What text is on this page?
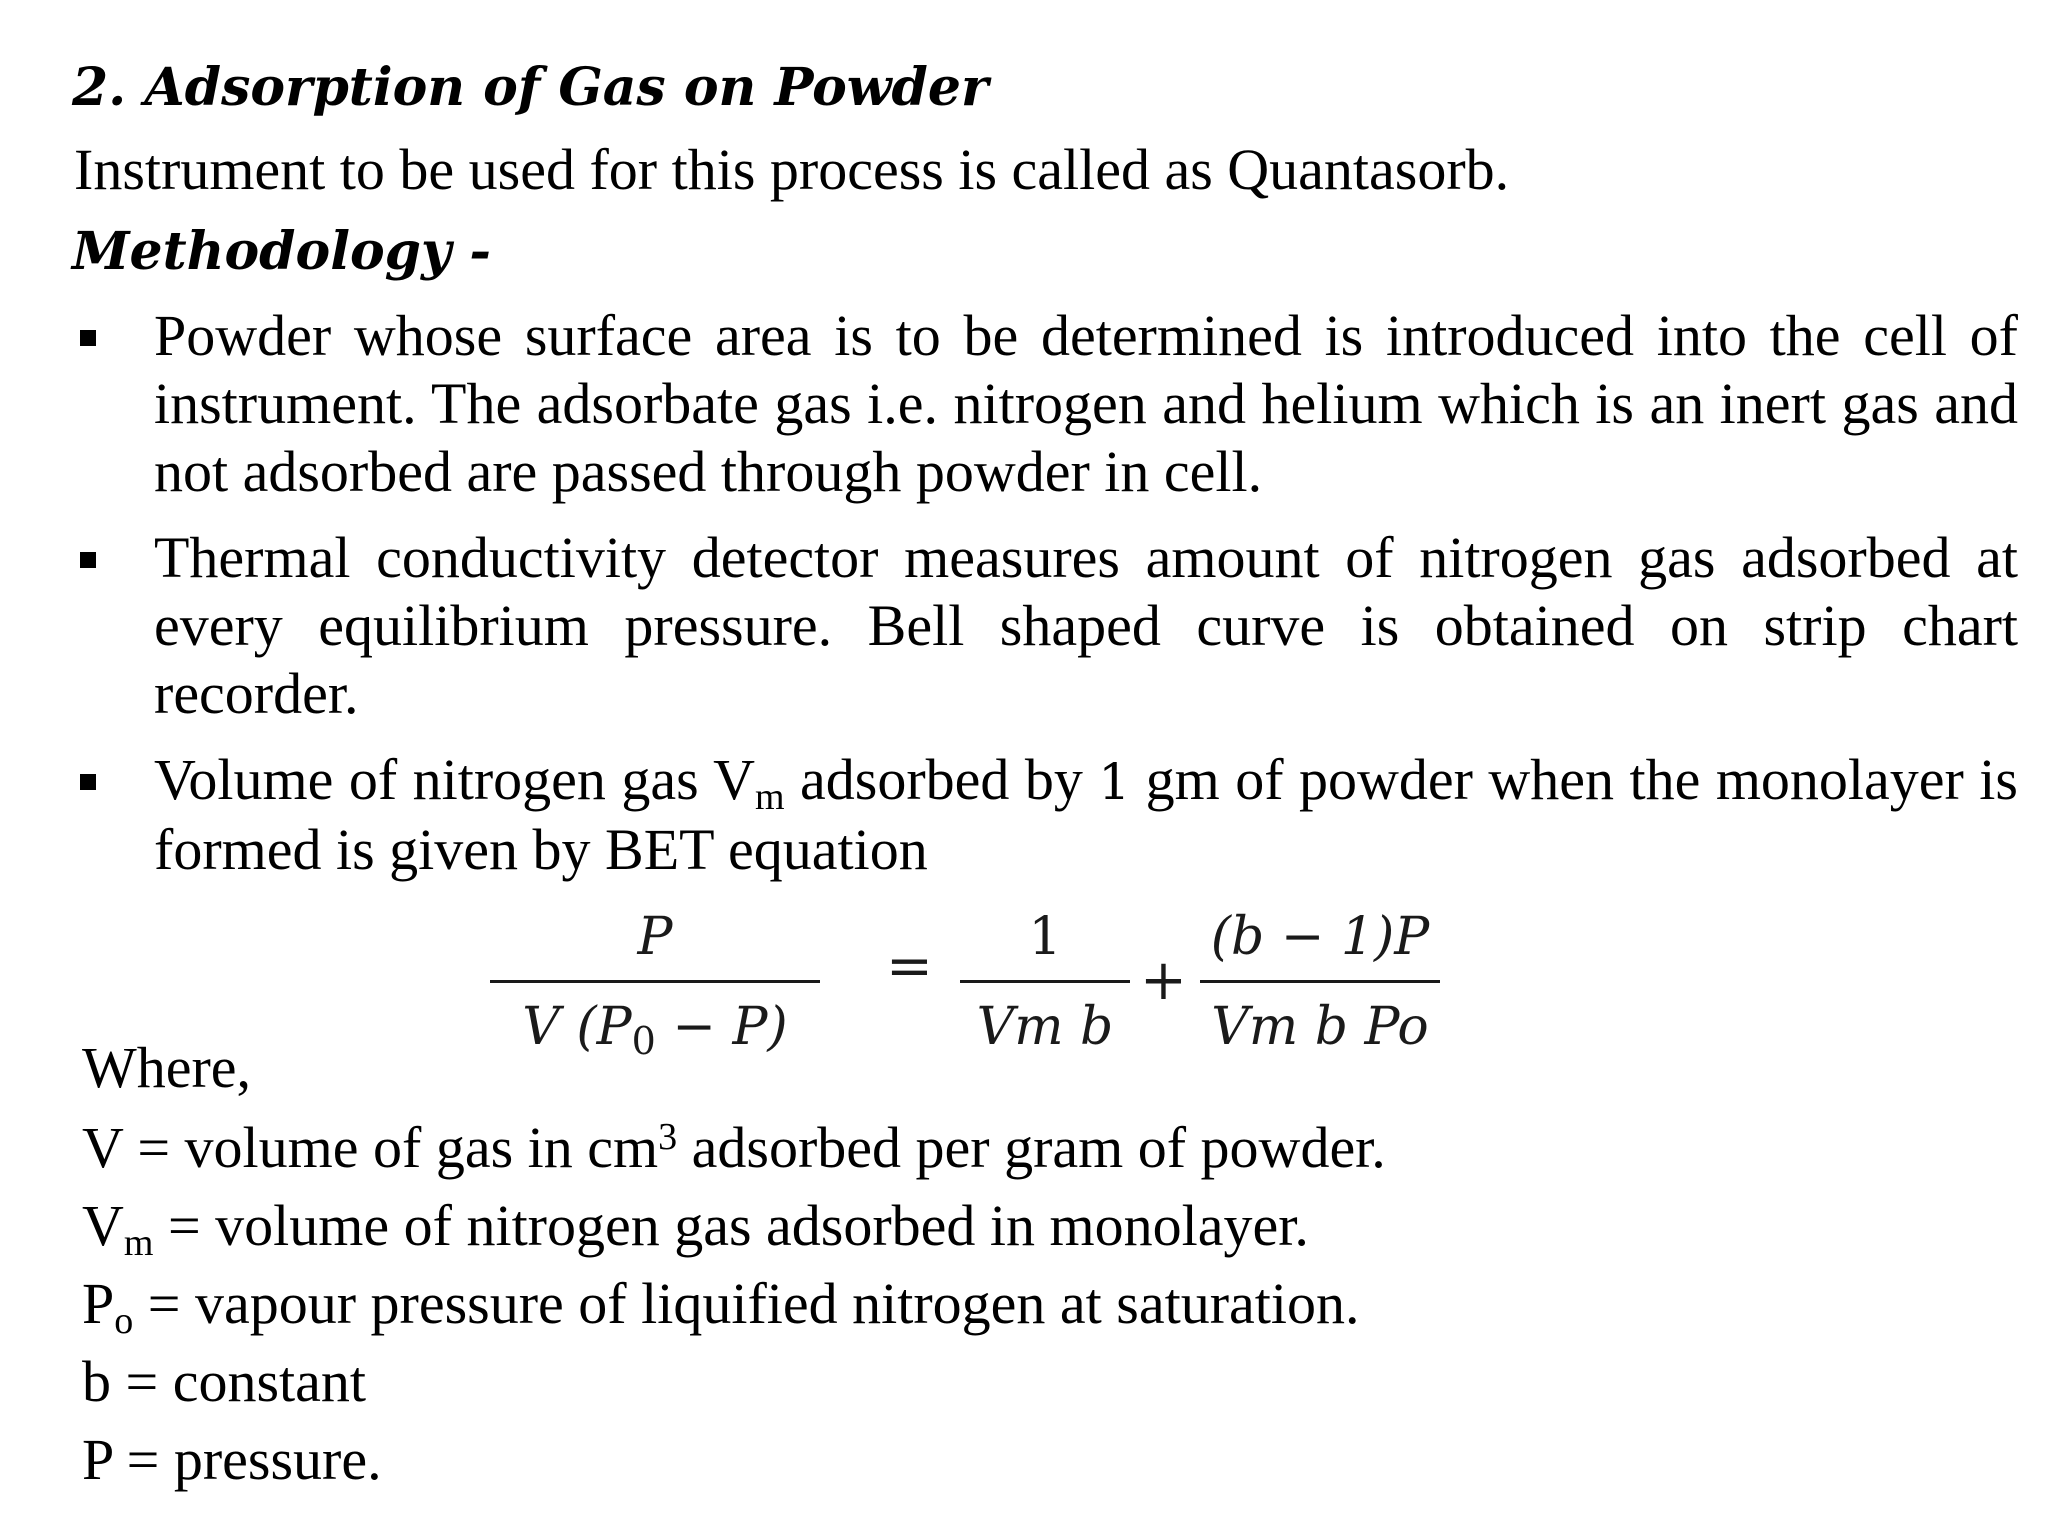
2. Adsorption of Gas on Powder
Instrument to be used for this process is called as Quantasorb.
Methodology -
Powder whose surface area is to be determined is introduced into the cell of instrument. The adsorbate gas i.e. nitrogen and helium which is an inert gas and not adsorbed are passed through powder in cell.
Thermal conductivity detector measures amount of nitrogen gas adsorbed at every equilibrium pressure. Bell shaped curve is obtained on strip chart recorder.
Volume of nitrogen gas $V_m$ adsorbed by 1 gm of powder when the monolayer is formed is given by BET equation
P
V $(P_0 - P)$
=	1
Vm b
+
(b − 1)P
Vm b Po
Where,
V = volume of gas in $cm^3$ adsorbed per gram of powder.
$V_m$ = volume of nitrogen gas adsorbed in monolayer.
$P_o$ = vapour pressure of liquified nitrogen at saturation.
b = constant
P = pressure.
